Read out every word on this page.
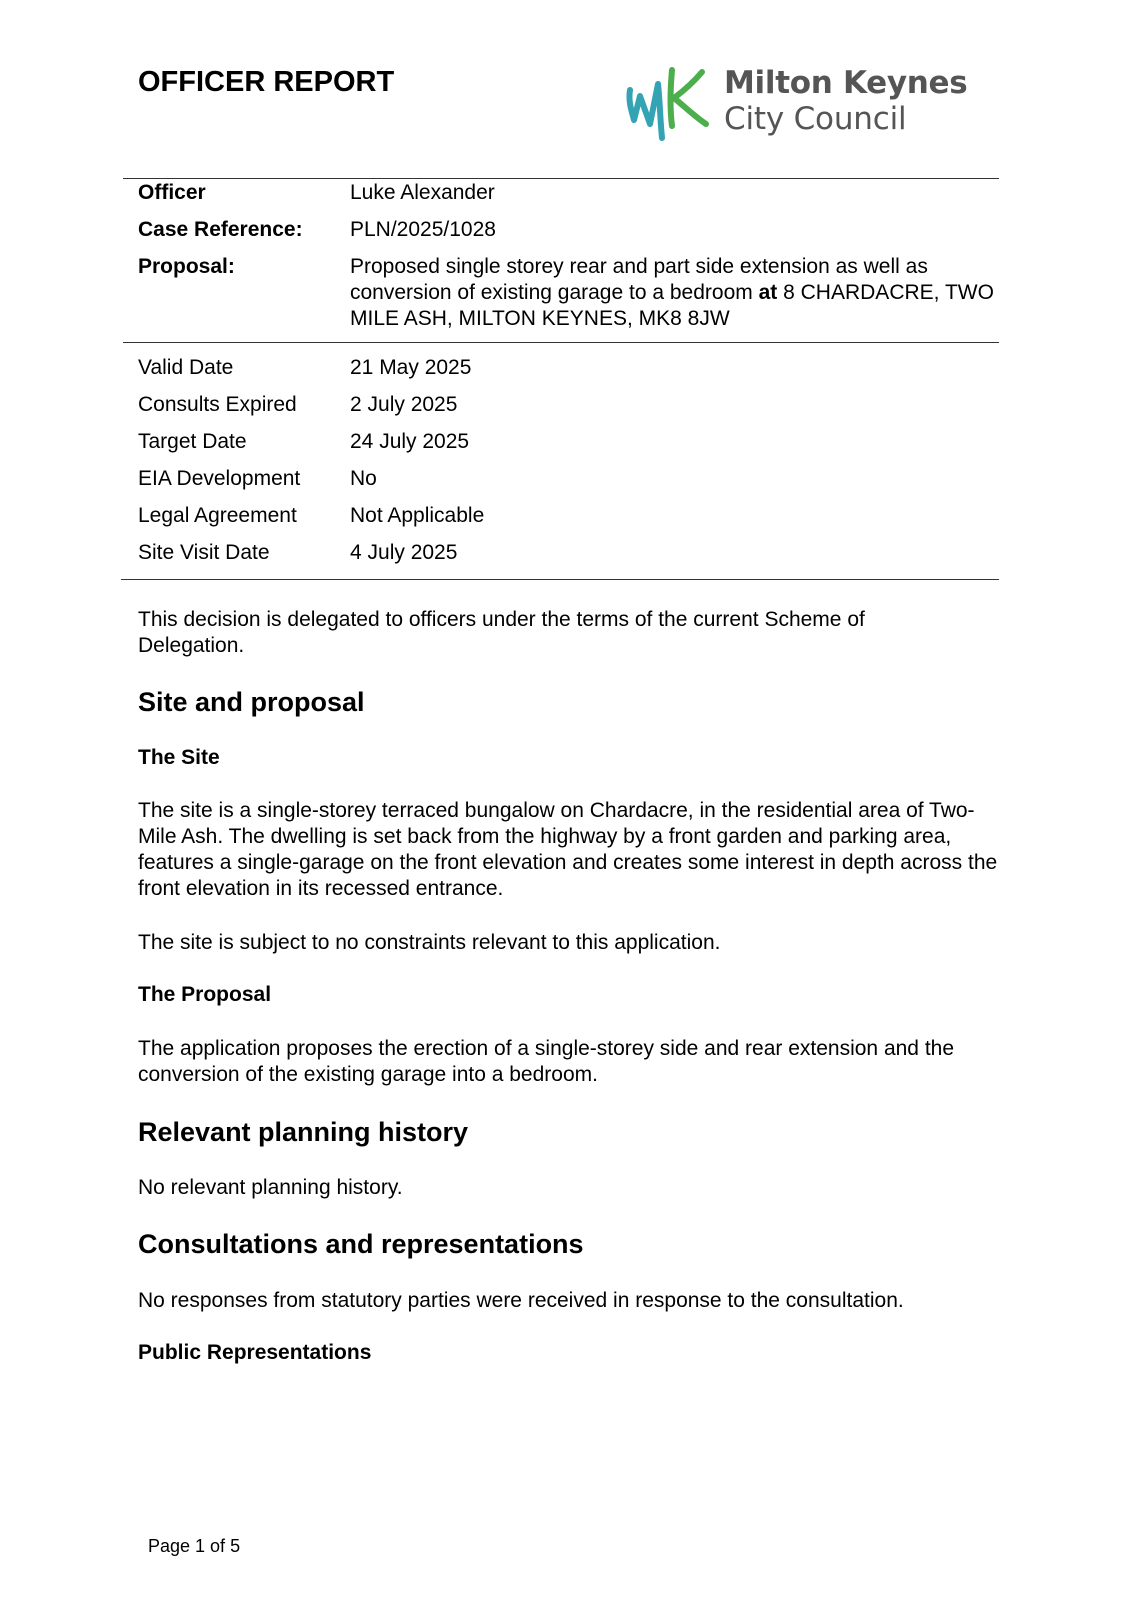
OFFICER REPORT	Milton Keynes
City Council
Officer	Luke Alexander
Case Reference:	PLN/2025/1028
Proposal:	Proposed single storey rear and part side extension as well as conversion of existing garage to a bedroom at 8 CHARDACRE, TWO MILE ASH, MILTON KEYNES, MK8 8JW
Valid Date	21 May 2025
Consults Expired	2 July 2025
Target Date	24 July 2025
EIA Development	No
Legal Agreement	Not Applicable
Site Visit Date	4 July 2025

This decision is delegated to officers under the terms of the current Scheme of Delegation.

Site and proposal
The Site

The site is a single-storey terraced bungalow on Chardacre, in the residential area of Two-Mile Ash. The dwelling is set back from the highway by a front garden and parking area, features a single-garage on the front elevation and creates some interest in depth across the front elevation in its recessed entrance.

The site is subject to no constraints relevant to this application.

The Proposal

The application proposes the erection of a single-storey side and rear extension and the conversion of the existing garage into a bedroom.

Relevant planning history

No relevant planning history.

Consultations and representations

No responses from statutory parties were received in response to the consultation.

Public Representations

Page 1 of 5
